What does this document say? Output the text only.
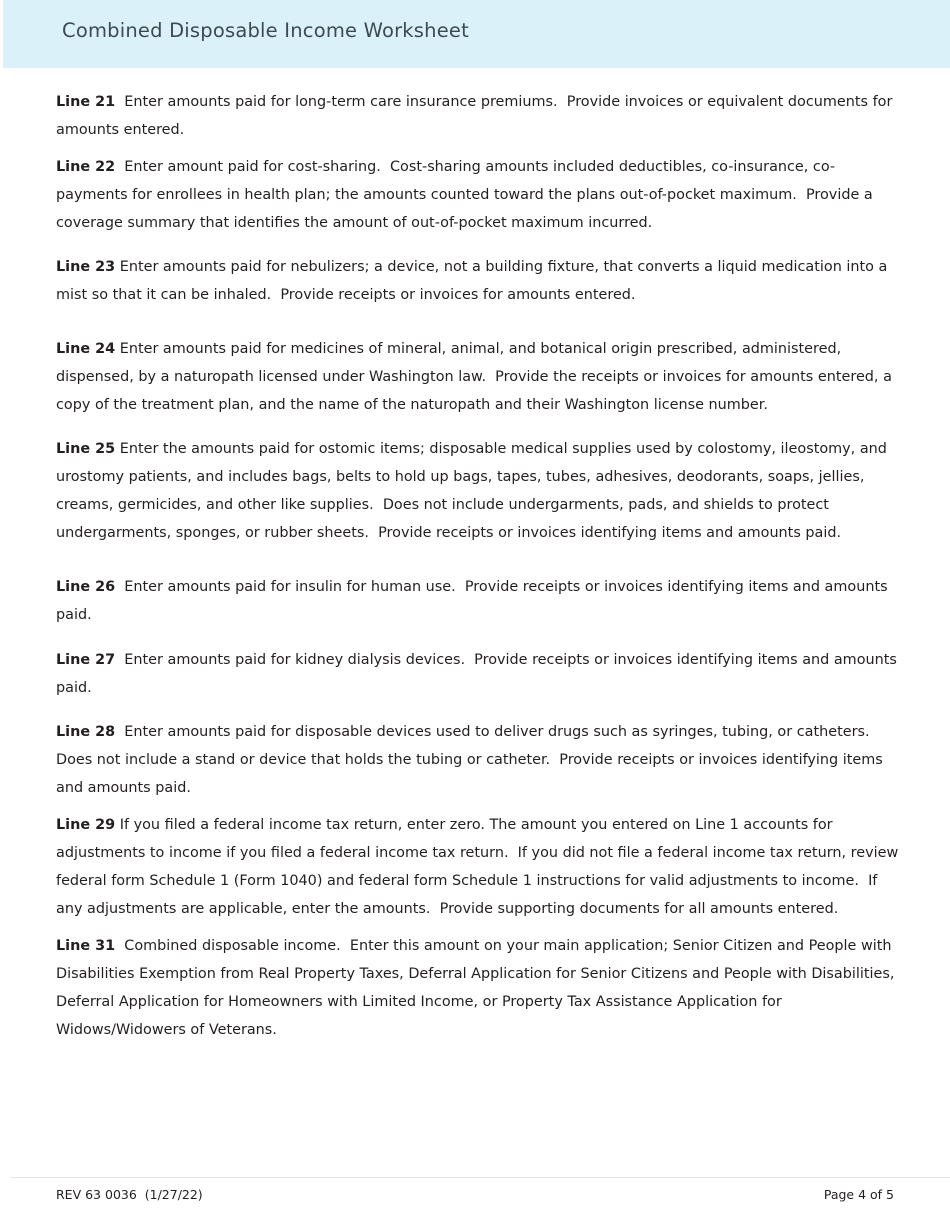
Combined Disposable Income Worksheet

Line 21  Enter amounts paid for long-term care insurance premiums.  Provide invoices or equivalent documents for amounts entered.

Line 22  Enter amount paid for cost-sharing.  Cost-sharing amounts included deductibles, co-insurance, co-payments for enrollees in health plan; the amounts counted toward the plans out-of-pocket maximum.  Provide a coverage summary that identifies the amount of out-of-pocket maximum incurred.

Line 23 Enter amounts paid for nebulizers; a device, not a building fixture, that converts a liquid medication into a mist so that it can be inhaled.  Provide receipts or invoices for amounts entered.

Line 24 Enter amounts paid for medicines of mineral, animal, and botanical origin prescribed, administered, dispensed, by a naturopath licensed under Washington law.  Provide the receipts or invoices for amounts entered, a copy of the treatment plan, and the name of the naturopath and their Washington license number.

Line 25 Enter the amounts paid for ostomic items; disposable medical supplies used by colostomy, ileostomy, and urostomy patients, and includes bags, belts to hold up bags, tapes, tubes, adhesives, deodorants, soaps, jellies, creams, germicides, and other like supplies.  Does not include undergarments, pads, and shields to protect undergarments, sponges, or rubber sheets.  Provide receipts or invoices identifying items and amounts paid.

Line 26  Enter amounts paid for insulin for human use.  Provide receipts or invoices identifying items and amounts paid.

Line 27  Enter amounts paid for kidney dialysis devices.  Provide receipts or invoices identifying items and amounts paid.

Line 28  Enter amounts paid for disposable devices used to deliver drugs such as syringes, tubing, or catheters.  Does not include a stand or device that holds the tubing or catheter.  Provide receipts or invoices identifying items and amounts paid.

Line 29 If you filed a federal income tax return, enter zero. The amount you entered on Line 1 accounts for adjustments to income if you filed a federal income tax return.  If you did not file a federal income tax return, review federal form Schedule 1 (Form 1040) and federal form Schedule 1 instructions for valid adjustments to income.  If any adjustments are applicable, enter the amounts.  Provide supporting documents for all amounts entered.

Line 31  Combined disposable income.  Enter this amount on your main application; Senior Citizen and People with Disabilities Exemption from Real Property Taxes, Deferral Application for Senior Citizens and People with Disabilities, Deferral Application for Homeowners with Limited Income, or Property Tax Assistance Application for Widows/Widowers of Veterans.

REV 63 0036  (1/27/22)	Page 4 of 5
